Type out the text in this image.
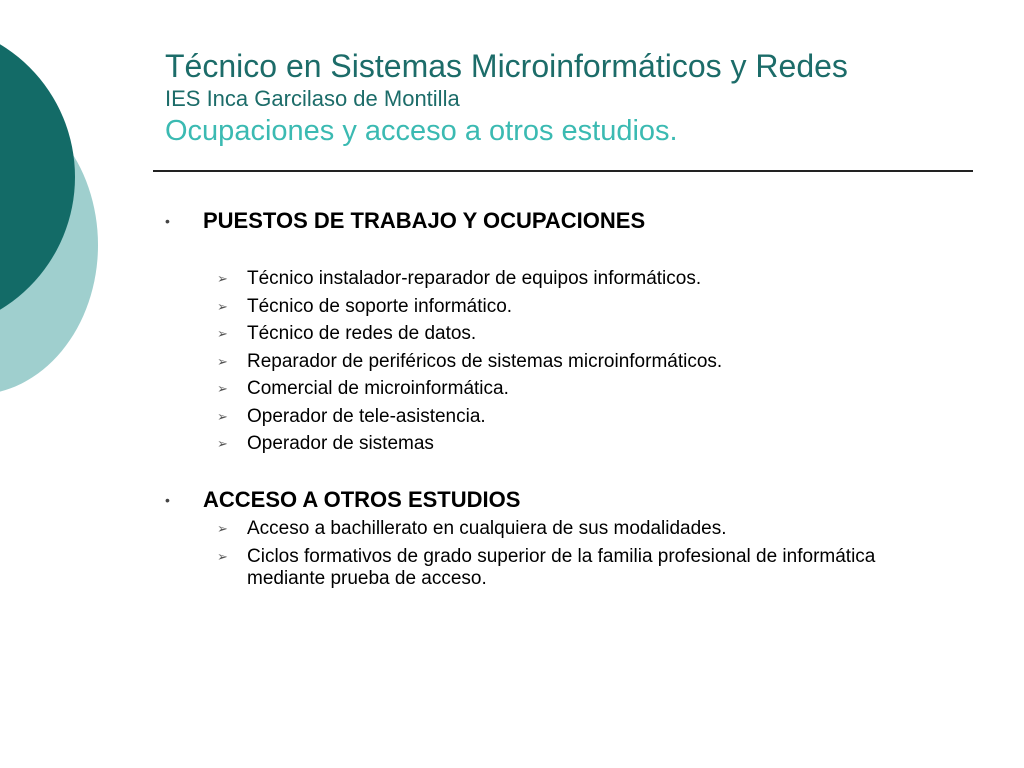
Técnico en Sistemas Microinformáticos y Redes
IES Inca Garcilaso de Montilla
Ocupaciones y acceso a otros estudios.
• PUESTOS DE TRABAJO Y OCUPACIONES
➢ Técnico instalador-reparador de equipos informáticos.
➢ Técnico de soporte informático.
➢ Técnico de redes de datos.
➢ Reparador de periféricos de sistemas microinformáticos.
➢ Comercial de microinformática.
➢ Operador de tele-asistencia.
➢ Operador de sistemas
• ACCESO A OTROS ESTUDIOS
➢ Acceso a bachillerato en cualquiera de sus modalidades.
➢ Ciclos formativos de grado superior de la familia profesional de informática mediante prueba de acceso.
